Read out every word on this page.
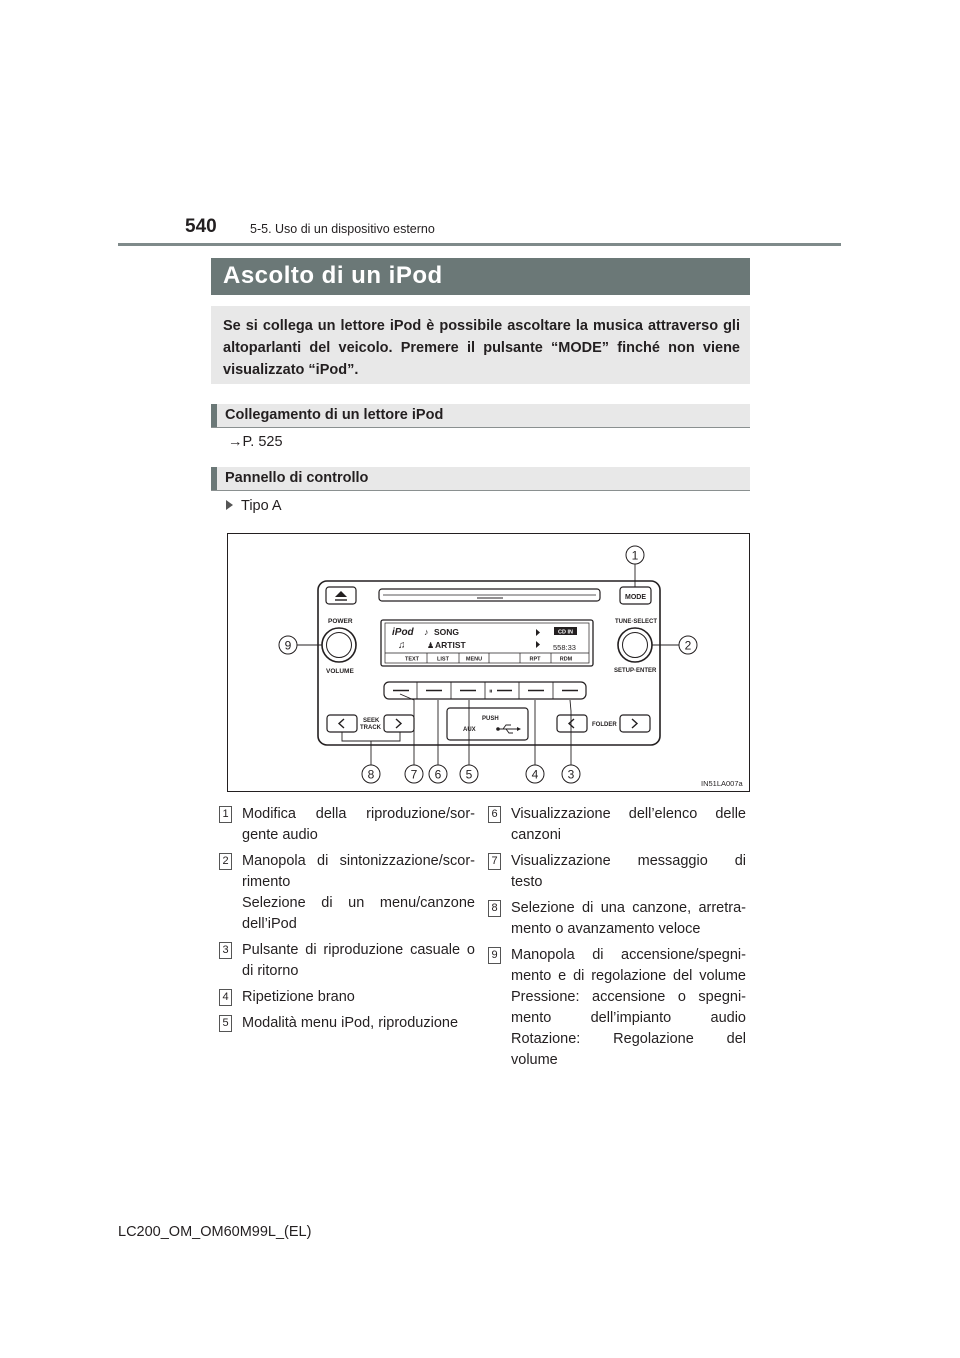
540	5-5. Uso di un dispositivo esterno
Ascolto di un iPod
Se si collega un lettore iPod è possibile ascoltare la musica attraverso gli altoparlanti del veicolo. Premere il pulsante “MODE” finché non viene visualizzato “iPod”.
Collegamento di un lettore iPod
→P. 525
Pannello di controllo
Tipo A
MODE
POWER
VOLUME
TUNE·SELECT
SETUP·ENTER
iPod ♪ SONG	CD IN
♫	♟ ARTIST	558:33
TEXT	LIST	MENU	RPT	RDM
⏸
SEEK
TRACK
PUSH
AUX
FOLDER
1
2
3
4
5
6
7
8
9
IN51LA007a
1 Modifica della riproduzione/sor-
gente audio
2 Manopola di sintonizzazione/scor-
rimento
Selezione di un menu/canzone
dell’iPod
3 Pulsante di riproduzione casuale o
di ritorno
4 Ripetizione brano
5 Modalità menu iPod, riproduzione
6 Visualizzazione dell’elenco delle
canzoni
7 Visualizzazione messaggio di
testo
8 Selezione di una canzone, arretra-
mento o avanzamento veloce
9 Manopola di accensione/spegni-
mento e di regolazione del volume
Pressione: accensione o spegni-
mento dell’impianto audio
Rotazione: Regolazione del
volume
LC200_OM_OM60M99L_(EL)
